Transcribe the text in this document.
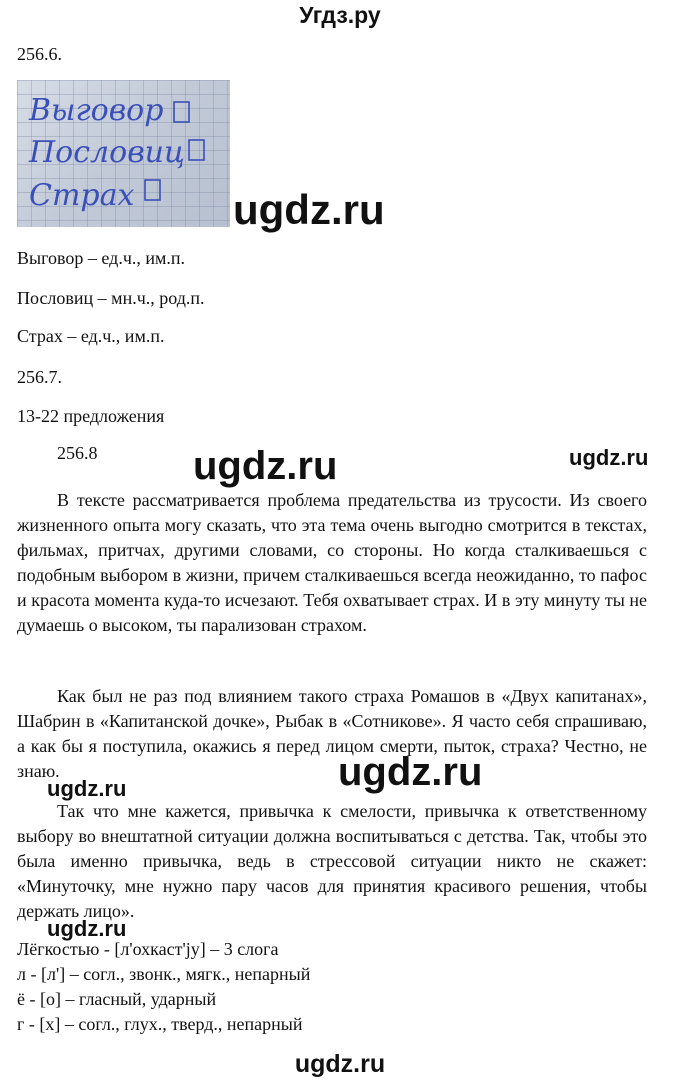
Угдз.ру
256.6.
Выговор
Пословиц
Страх ugdz.ru
Выговор – ед.ч., им.п.
Пословиц – мн.ч., род.п.
Страх – ед.ч., им.п.
256.7.
13-22 предложения
256.8 ugdz.ru	ugdz.ru
В тексте рассматривается проблема предательства из трусости. Из своего жизненного опыта могу сказать, что эта тема очень выгодно смотрится в текстах, фильмах, притчах, другими словами, со стороны. Но когда сталкиваешься с подобным выбором в жизни, причем сталкиваешься всегда неожиданно, то пафос и красота момента куда-то исчезают. Тебя охватывает страх. И в эту минуту ты не думаешь о высоком, ты парализован страхом.
Как был не раз под влиянием такого страха Ромашов в «Двух капитанах», Шабрин в «Капитанской дочке», Рыбак в «Сотникове». Я часто себя спрашиваю, а как бы я поступила, окажись я перед лицом смерти, пыток, страха? Честно, не знаю.	ugdz.ru
ugdz.ru
Так что мне кажется, привычка к смелости, привычка к ответственному выбору во внештатной ситуации должна воспитываться с детства. Так, чтобы это была именно привычка, ведь в стрессовой ситуации никто не скажет: «Минуточку, мне нужно пару часов для принятия красивого решения, чтобы держать лицо».
ugdz.ru
Лёгкостью - [л'охкаст'ју] – 3 слога
л - [л'] – согл., звонк., мягк., непарный
ё - [о] – гласный, ударный
г - [х] – согл., глух., тверд., непарный
ugdz.ru
